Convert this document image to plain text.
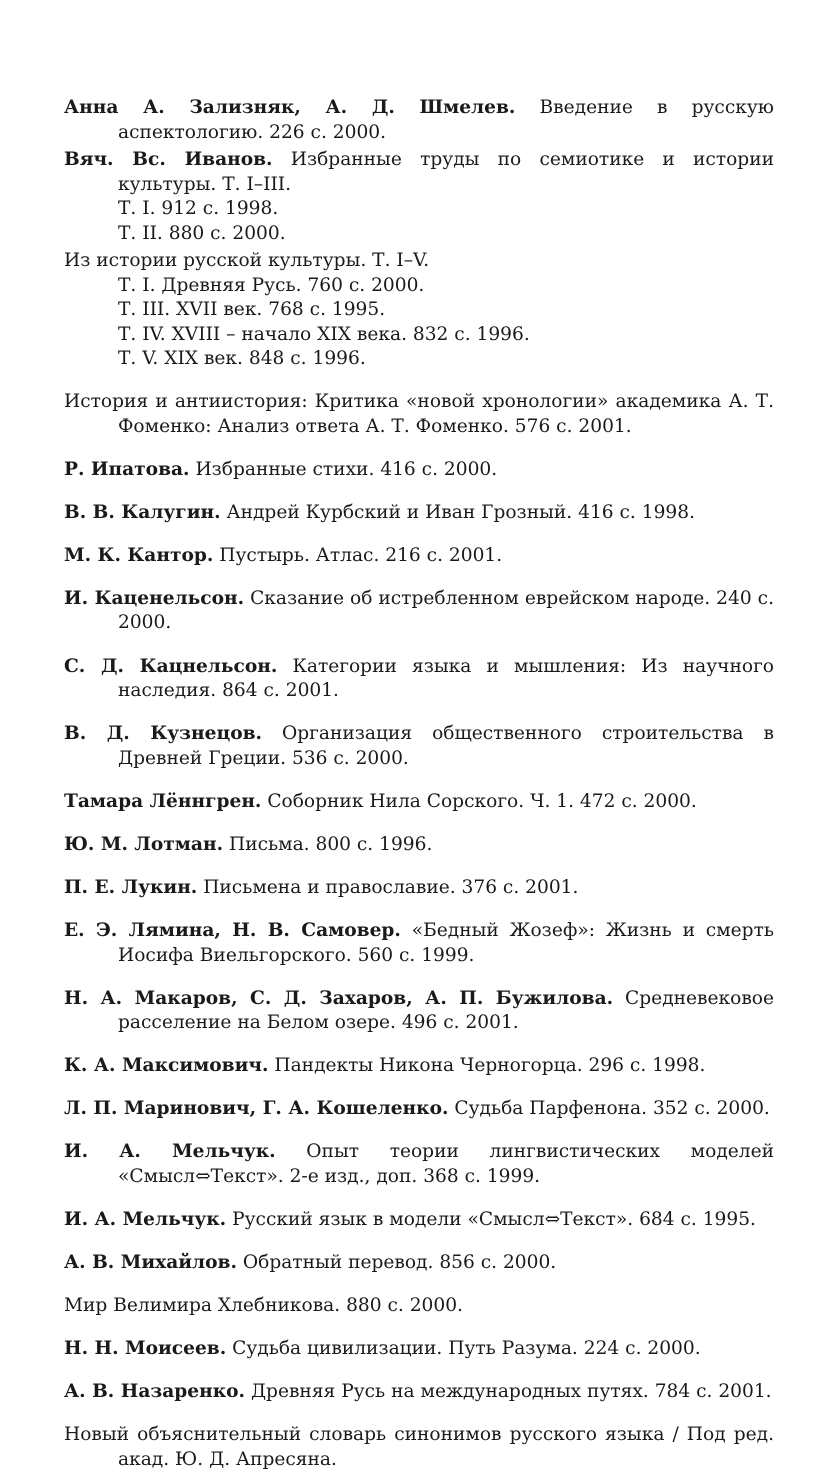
Анна А. Зализняк, А. Д. Шмелев. Введение в русскую аспектологию. 226 с. 2000.

Вяч. Вс. Иванов. Избранные труды по семиотике и истории культуры. Т. I–III.

Т. I. 912 с. 1998.

Т. II. 880 с. 2000.

Из истории русской культуры. Т. I–V.

Т. I. Древняя Русь. 760 с. 2000.

Т. III. XVII век. 768 с. 1995.

Т. IV. XVIII – начало XIX века. 832 с. 1996.

Т. V. XIX век. 848 с. 1996.

История и антиистория: Критика «новой хронологии» академика А. Т. Фоменко: Анализ ответа А. Т. Фоменко. 576 с. 2001.

Р. Ипатова. Избранные стихи. 416 с. 2000.

В. В. Калугин. Андрей Курбский и Иван Грозный. 416 с. 1998.

М. К. Кантор. Пустырь. Атлас. 216 с. 2001.

И. Каценельсон. Сказание об истребленном еврейском народе. 240 с. 2000.

С. Д. Кацнельсон. Категории языка и мышления: Из научного наследия. 864 с. 2001.

В. Д. Кузнецов. Организация общественного строительства в Древней Греции. 536 с. 2000.

Тамара Лённгрен. Соборник Нила Сорского. Ч. 1. 472 с. 2000.

Ю. М. Лотман. Письма. 800 с. 1996.

П. Е. Лукин. Письмена и православие. 376 с. 2001.

Е. Э. Лямина, Н. В. Самовер. «Бедный Жозеф»: Жизнь и смерть Иосифа Виельгорского. 560 с. 1999.

Н. А. Макаров, С. Д. Захаров, А. П. Бужилова. Средневековое расселение на Белом озере. 496 с. 2001.

К. А. Максимович. Пандекты Никона Черногорца. 296 с. 1998.

Л. П. Маринович, Г. А. Кошеленко. Судьба Парфенона. 352 с. 2000.

И. А. Мельчук. Опыт теории лингвистических моделей «Смысл⇔Текст». 2-е изд., доп. 368 с. 1999.

И. А. Мельчук. Русский язык в модели «Смысл⇔Текст». 684 с. 1995.

А. В. Михайлов. Обратный перевод. 856 с. 2000.

Мир Велимира Хлебникова. 880 с. 2000.

Н. Н. Моисеев. Судьба цивилизации. Путь Разума. 224 с. 2000.

А. В. Назаренко. Древняя Русь на международных путях. 784 с. 2001.

Новый объяснительный словарь синонимов русского языка / Под ред. акад. Ю. Д. Апресяна.
